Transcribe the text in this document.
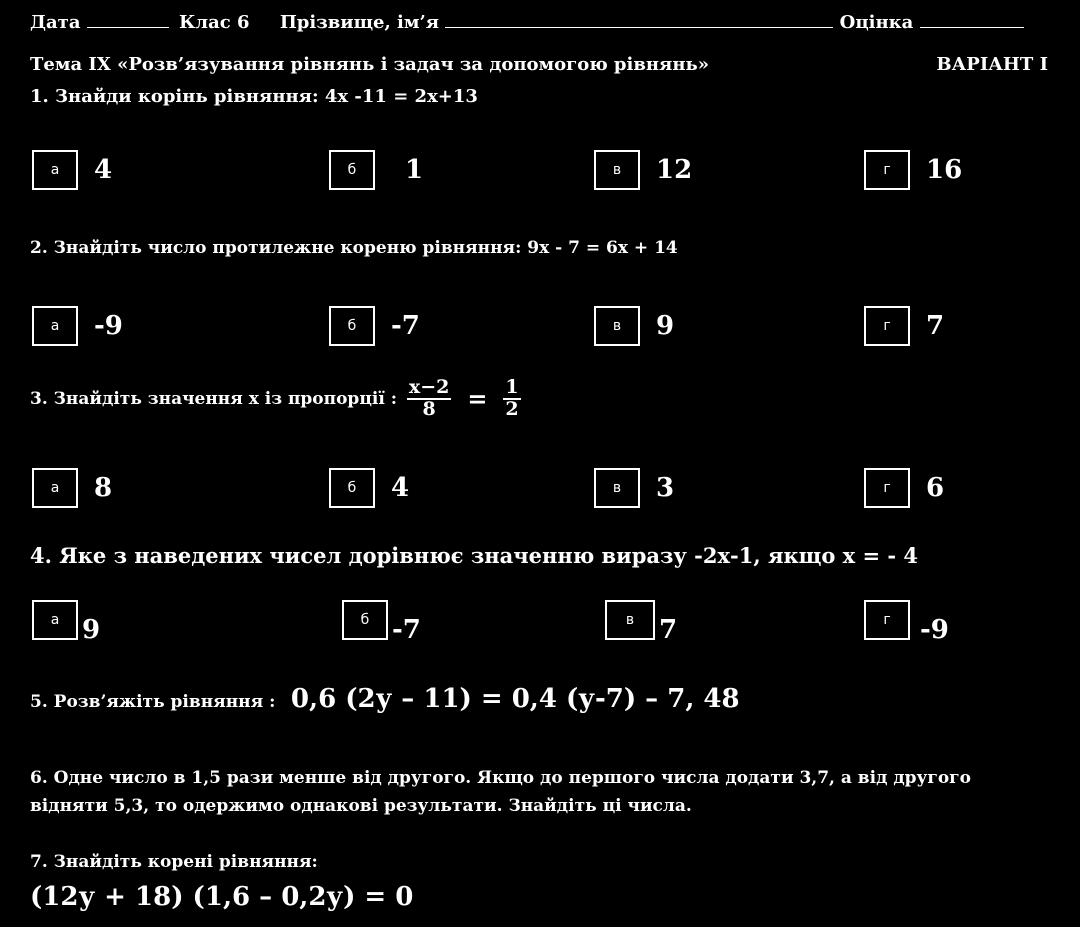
Дата	Клас 6 Прізвище, ім’я	Оцінка
Тема ІХ «Розв’язування рівнянь і задач за допомогою рівнянь»	ВАРІАНТ І
1. Знайди корінь рівняння: 4х -11 = 2х+13
а	4	б	1	в	12	г	16
2. Знайдіть число протилежне кореню рівняння: 9х - 7 = 6х + 14
а	-9	б	-7	в	9	г	7
3. Знайдіть значення х із пропорції : $\frac{х-2}{8} = \frac{1}{2}$
а	8	б	4	в	3	г	6
4. Яке з наведених чисел дорівнює значенню виразу -2х-1, якщо х = - 4
а 9	б -7	в 7	г	-9
5. Розв’яжіть рівняння : 0,6 (2у – 11) = 0,4 (у-7) – 7, 48
6. Одне число в 1,5 рази менше від другого. Якщо до першого числа додати 3,7, а від другого
відняти 5,3, то одержимо однакові результати. Знайдіть ці числа.
7. Знайдіть корені рівняння:
(12у + 18) (1,6 – 0,2у) = 0
